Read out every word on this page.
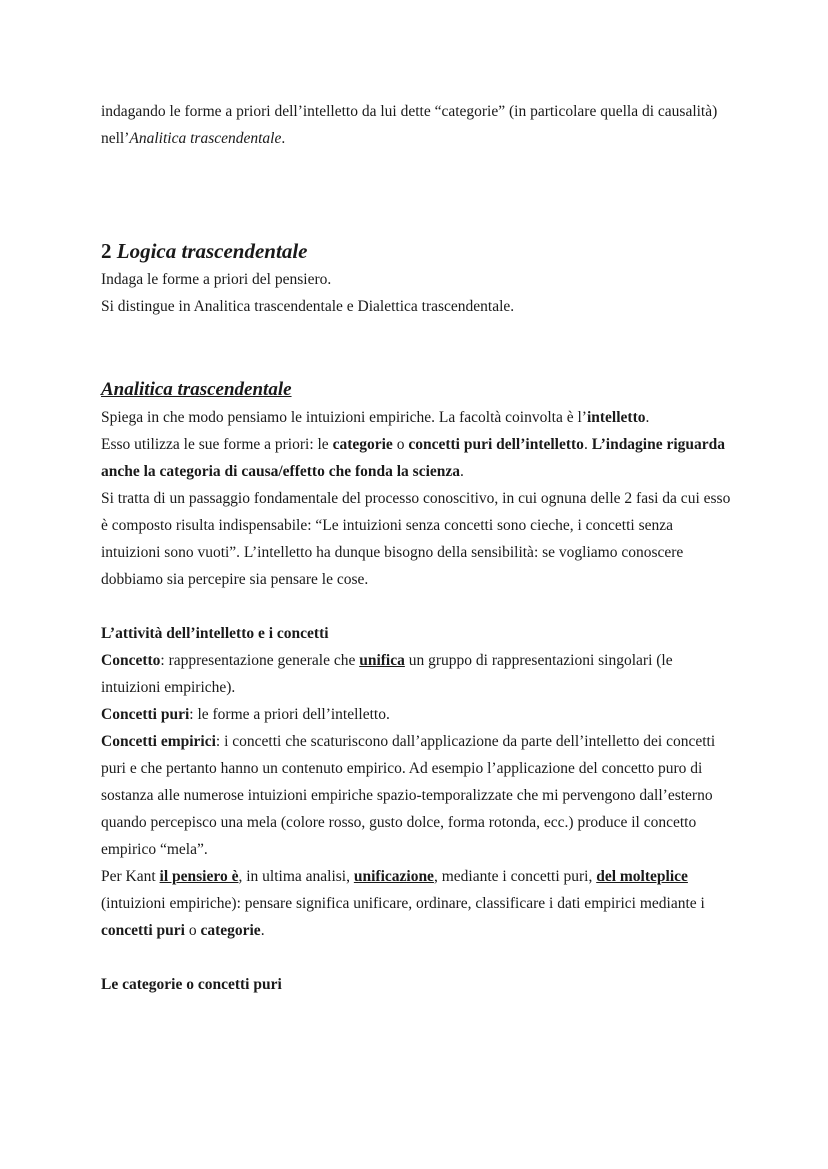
indagando le forme a priori dell’intelletto da lui dette “categorie” (in particolare quella di causalità) nell’Analitica trascendentale.

2 Logica trascendentale

Indaga le forme a priori del pensiero.

Si distingue in Analitica trascendentale e Dialettica trascendentale.

Analitica trascendentale

Spiega in che modo pensiamo le intuizioni empiriche. La facoltà coinvolta è l’intelletto.
Esso utilizza le sue forme a priori: le categorie o concetti puri dell’intelletto. L’indagine riguarda anche la categoria di causa/effetto che fonda la scienza.

Si tratta di un passaggio fondamentale del processo conoscitivo, in cui ognuna delle 2 fasi da cui esso è composto risulta indispensabile: “Le intuizioni senza concetti sono cieche, i concetti senza intuizioni sono vuoti”. L’intelletto ha dunque bisogno della sensibilità: se vogliamo conoscere dobbiamo sia percepire sia pensare le cose.

L’attività dell’intelletto e i concetti

Concetto: rappresentazione generale che unifica un gruppo di rappresentazioni singolari (le intuizioni empiriche).

Concetti puri: le forme a priori dell’intelletto.

Concetti empirici: i concetti che scaturiscono dall’applicazione da parte dell’intelletto dei concetti puri e che pertanto hanno un contenuto empirico. Ad esempio l’applicazione del concetto puro di sostanza alle numerose intuizioni empiriche spazio-temporalizzate che mi pervengono dall’esterno quando percepisco una mela (colore rosso, gusto dolce, forma rotonda, ecc.) produce il concetto empirico “mela”.

Per Kant il pensiero è, in ultima analisi, unificazione, mediante i concetti puri, del molteplice (intuizioni empiriche): pensare significa unificare, ordinare, classificare i dati empirici mediante i concetti puri o categorie.

Le categorie o concetti puri
